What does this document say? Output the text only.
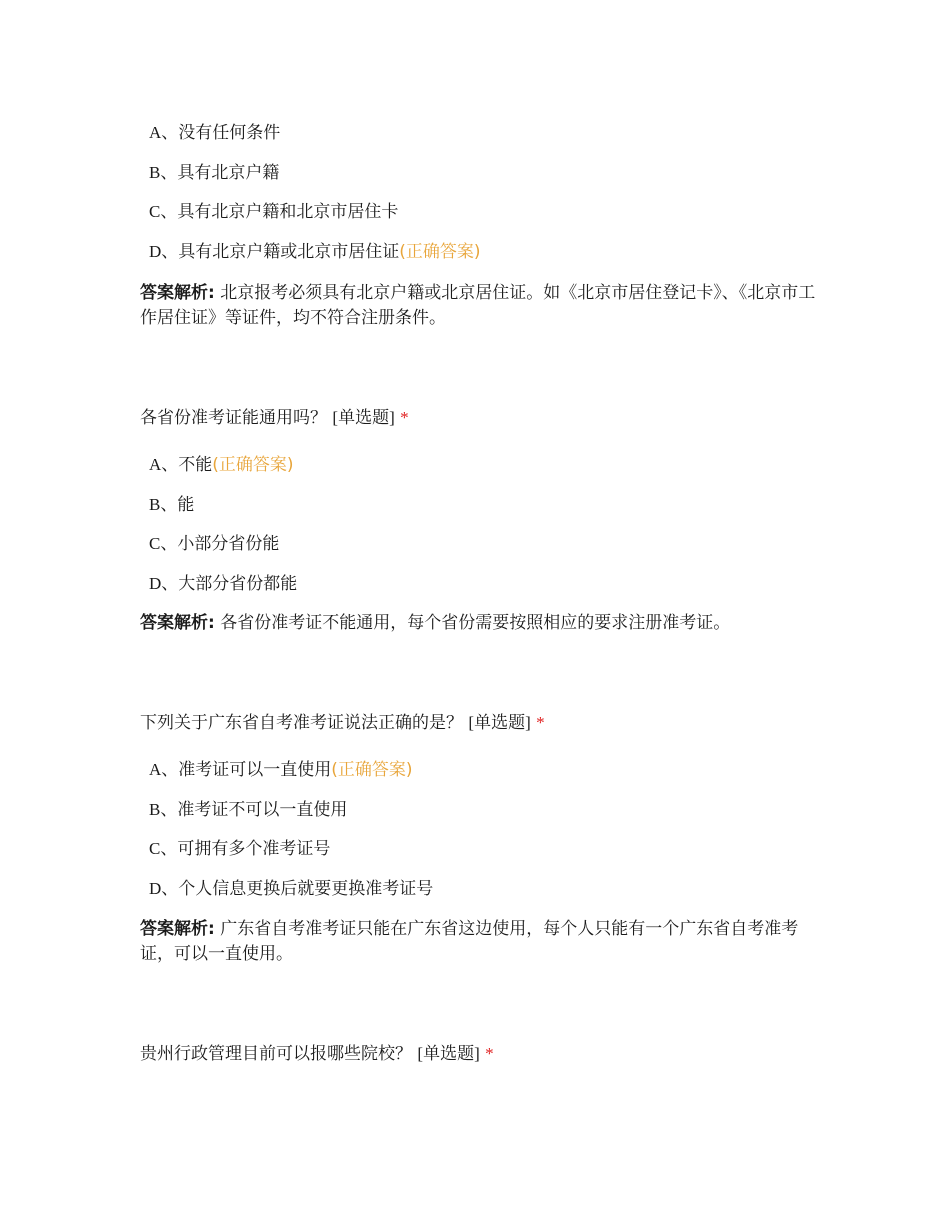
A、没有任何条件
B、具有北京户籍
C、具有北京户籍和北京市居住卡
D、具有北京户籍或北京市居住证(正确答案)
答案解析: 北京报考必须具有北京户籍或北京居住证。如《北京市居住登记卡》、《北京市工作居住证》等证件，均不符合注册条件。
各省份准考证能通用吗？ [单选题] *
A、不能(正确答案)
B、能
C、小部分省份能
D、大部分省份都能
答案解析: 各省份准考证不能通用，每个省份需要按照相应的要求注册准考证。
下列关于广东省自考准考证说法正确的是？ [单选题] *
A、准考证可以一直使用(正确答案)
B、准考证不可以一直使用
C、可拥有多个准考证号
D、个人信息更换后就要更换准考证号
答案解析: 广东省自考准考证只能在广东省这边使用，每个人只能有一个广东省自考准考证，可以一直使用。
贵州行政管理目前可以报哪些院校？ [单选题] *
